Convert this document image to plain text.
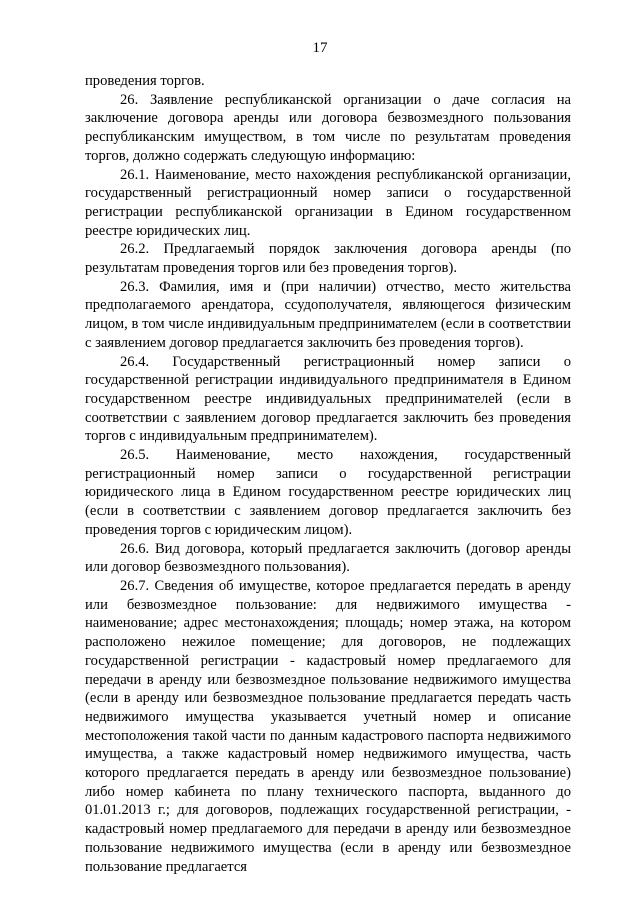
17

проведения торгов.

26. Заявление республиканской организации о даче согласия на заключение договора аренды или договора безвозмездного пользования республиканским имуществом, в том числе по результатам проведения торгов, должно содержать следующую информацию:

26.1. Наименование, место нахождения республиканской организации, государственный регистрационный номер записи о государственной регистрации республиканской организации в Едином государственном реестре юридических лиц.

26.2. Предлагаемый порядок заключения договора аренды (по результатам проведения торгов или без проведения торгов).

26.3. Фамилия, имя и (при наличии) отчество, место жительства предполагаемого арендатора, ссудополучателя, являющегося физическим лицом, в том числе индивидуальным предпринимателем (если в соответствии с заявлением договор предлагается заключить без проведения торгов).

26.4. Государственный регистрационный номер записи о государственной регистрации индивидуального предпринимателя в Едином государственном реестре индивидуальных предпринимателей (если в соответствии с заявлением договор предлагается заключить без проведения торгов с индивидуальным предпринимателем).

26.5. Наименование, место нахождения, государственный регистрационный номер записи о государственной регистрации юридического лица в Едином государственном реестре юридических лиц (если в соответствии с заявлением договор предлагается заключить без проведения торгов с юридическим лицом).

26.6. Вид договора, который предлагается заключить (договор аренды или договор безвозмездного пользования).

26.7. Сведения об имуществе, которое предлагается передать в аренду или безвозмездное пользование: для недвижимого имущества - наименование; адрес местонахождения; площадь; номер этажа, на котором расположено нежилое помещение; для договоров, не подлежащих государственной регистрации - кадастровый номер предлагаемого для передачи в аренду или безвозмездное пользование недвижимого имущества (если в аренду или безвозмездное пользование предлагается передать часть недвижимого имущества указывается учетный номер и описание местоположения такой части по данным кадастрового паспорта недвижимого имущества, а также кадастровый номер недвижимого имущества, часть которого предлагается передать в аренду или безвозмездное пользование) либо номер кабинета по плану технического паспорта, выданного до 01.01.2013 г.; для договоров, подлежащих государственной регистрации, - кадастровый номер предлагаемого для передачи в аренду или безвозмездное пользование недвижимого имущества (если в аренду или безвозмездное пользование предлагается
